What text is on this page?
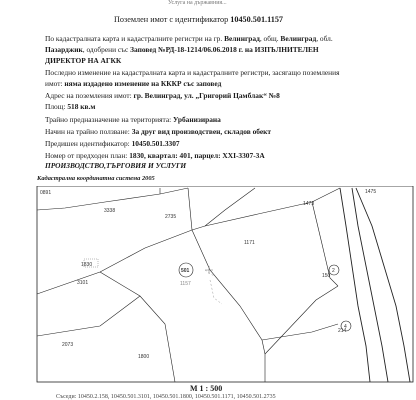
Услуга на държавния...
Поземлен имот с идентификатор 10450.501.1157
По кадастралната карта и кадастралните регистри на гр. Велинград, общ. Велинград, обл.
Пазарджик, одобрени със Заповед №РД-18-1214/06.06.2018 г. на ИЗПЪЛНИТЕЛЕН
ДИРЕКТОР НА АГКК
Последно изменение на кадастралната карта и кадастралните регистри, засягащо поземления
имот: няма издадено изменение на КККР със заповед
Адрес на поземления имот: гр. Велинград, ул. „Григорий Цамблак“ №8
Площ: 518 кв.м
Трайно предназначение на територията: Урбанизирана
Начин на трайно ползване: За друг вид производствен, складов обект
Предишен идентификатор: 10450.501.3307
Номер от предходен план: 1830, квартал: 401, парцел: XXI-3307-3А
ПРОИЗВОДСТВО,ТЪРГОВИЯ И УСЛУГИ
Кадастрална координатна система 2005
0891
3338
2735
1473
1475
1171
1830
3101
501
1157
2073
1800
2
4
150
214
М 1 : 500
Съседи: 10450.2.158, 10450.501.3101, 10450.501.1800, 10450.501.1171, 10450.501.2735
